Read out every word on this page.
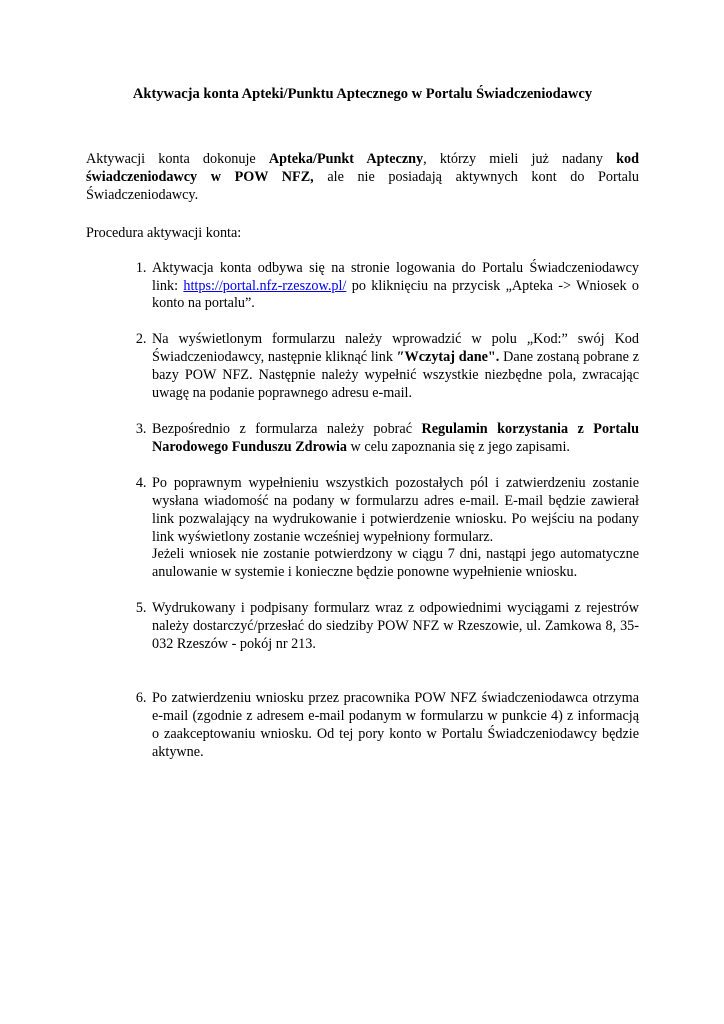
Aktywacja konta Apteki/Punktu Aptecznego w Portalu Świadczeniodawcy

Aktywacji konta dokonuje Apteka/Punkt Apteczny, którzy mieli już nadany kod świadczeniodawcy w POW NFZ, ale nie posiadają aktywnych kont do Portalu Świadczeniodawcy.

Procedura aktywacji konta:

1. Aktywacja konta odbywa się na stronie logowania do Portalu Świadczeniodawcy link: https://portal.nfz-rzeszow.pl/ po kliknięciu na przycisk „Apteka -> Wniosek o konto na portalu”.
2. Na wyświetlonym formularzu należy wprowadzić w polu „Kod:” swój Kod Świadczeniodawcy, następnie kliknąć link ″Wczytaj dane". Dane zostaną pobrane z bazy POW NFZ. Następnie należy wypełnić wszystkie niezbędne pola, zwracając uwagę na podanie poprawnego adresu e-mail.
3. Bezpośrednio z formularza należy pobrać Regulamin korzystania z Portalu Narodowego Funduszu Zdrowia w celu zapoznania się z jego zapisami.
4. Po poprawnym wypełnieniu wszystkich pozostałych pól i zatwierdzeniu zostanie wysłana wiadomość na podany w formularzu adres e-mail. E-mail będzie zawierał link pozwalający na wydrukowanie i potwierdzenie wniosku. Po wejściu na podany link wyświetlony zostanie wcześniej wypełniony formularz.
Jeżeli wniosek nie zostanie potwierdzony w ciągu 7 dni, nastąpi jego automatyczne anulowanie w systemie i konieczne będzie ponowne wypełnienie wniosku.
5. Wydrukowany i podpisany formularz wraz z odpowiednimi wyciągami z rejestrów należy dostarczyć/przesłać do siedziby POW NFZ w Rzeszowie, ul. Zamkowa 8, 35-032 Rzeszów - pokój nr 213.
6. Po zatwierdzeniu wniosku przez pracownika POW NFZ świadczeniodawca otrzyma e-mail (zgodnie z adresem e-mail podanym w formularzu w punkcie 4) z informacją o zaakceptowaniu wniosku. Od tej pory konto w Portalu Świadczeniodawcy będzie aktywne.
